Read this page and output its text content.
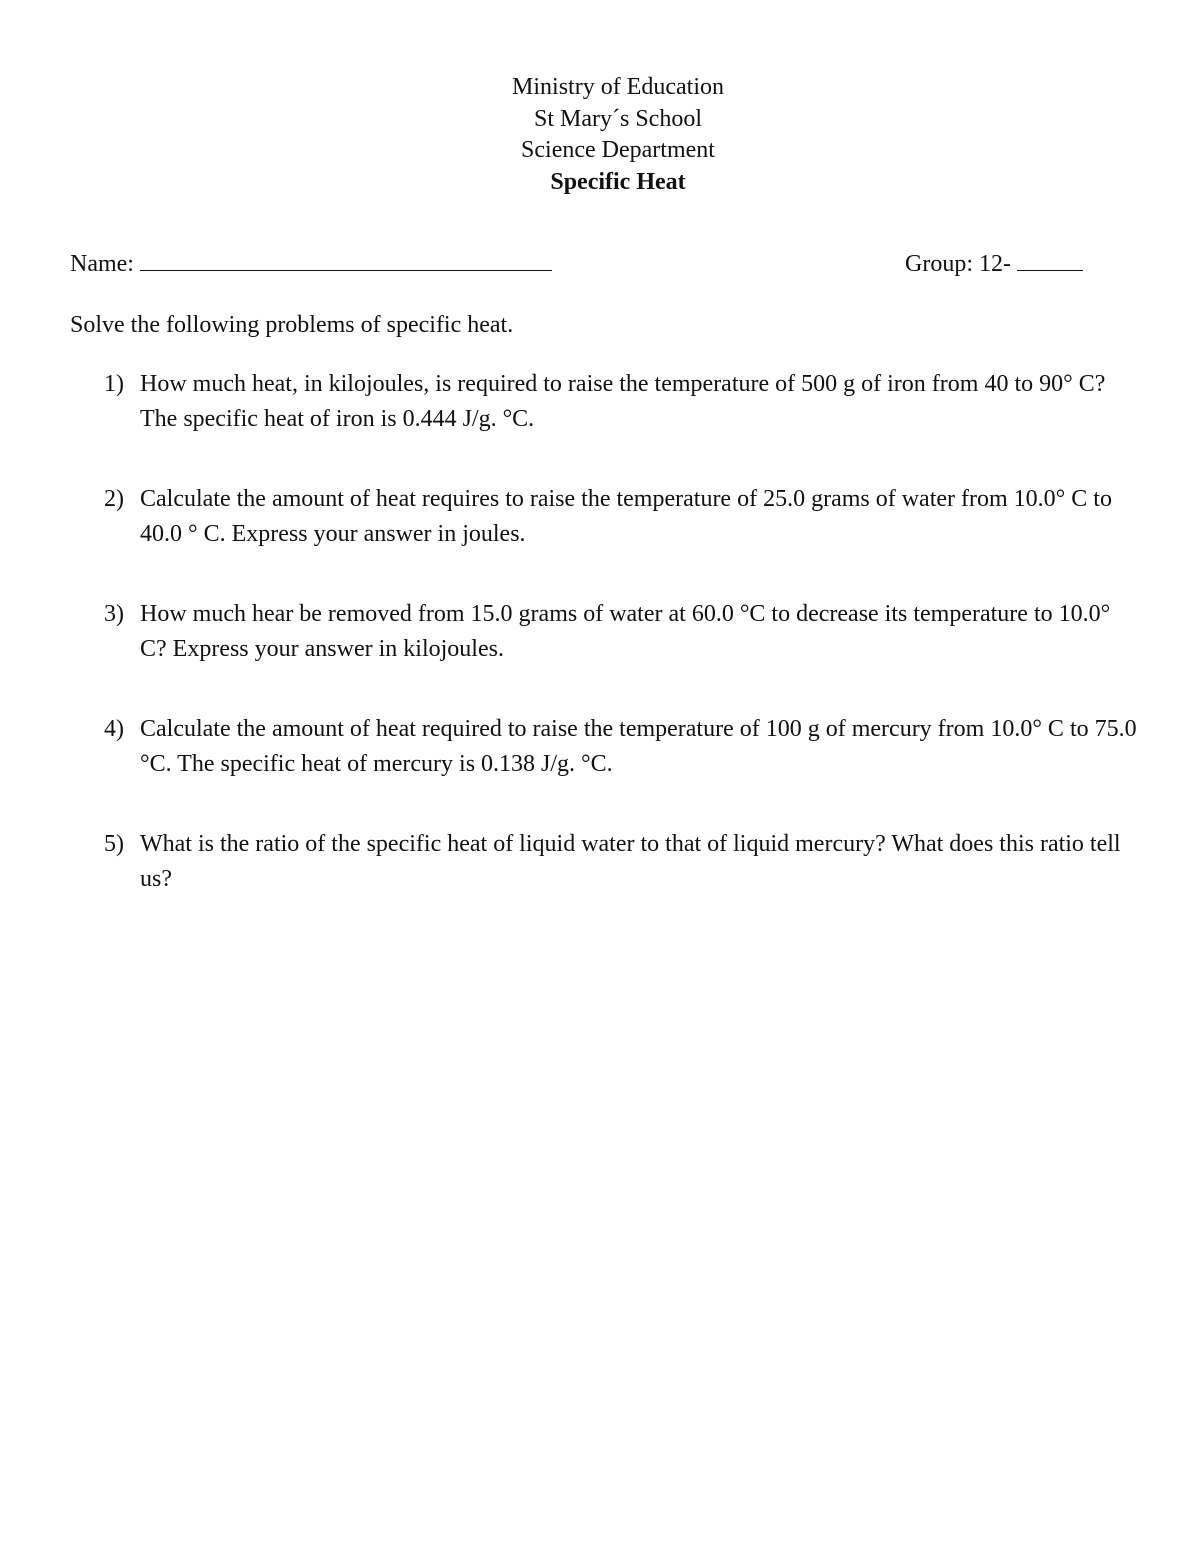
Ministry of Education
St Mary´s School
Science Department
Specific Heat
Name:	Group: 12-
Solve the following problems of specific heat.
1) How much heat, in kilojoules, is required to raise the temperature of 500 g of iron from 40 to 90° C? The specific heat of iron is 0.444 J/g. °C.
2) Calculate the amount of heat requires to raise the temperature of 25.0 grams of water from 10.0° C to 40.0 ° C. Express your answer in joules.
3) How much hear be removed from 15.0 grams of water at 60.0 °C to decrease its temperature to 10.0° C? Express your answer in kilojoules.
4) Calculate the amount of heat required to raise the temperature of 100 g of mercury from 10.0° C to 75.0 °C. The specific heat of mercury is 0.138 J/g. °C.
5) What is the ratio of the specific heat of liquid water to that of liquid mercury? What does this ratio tell us?
